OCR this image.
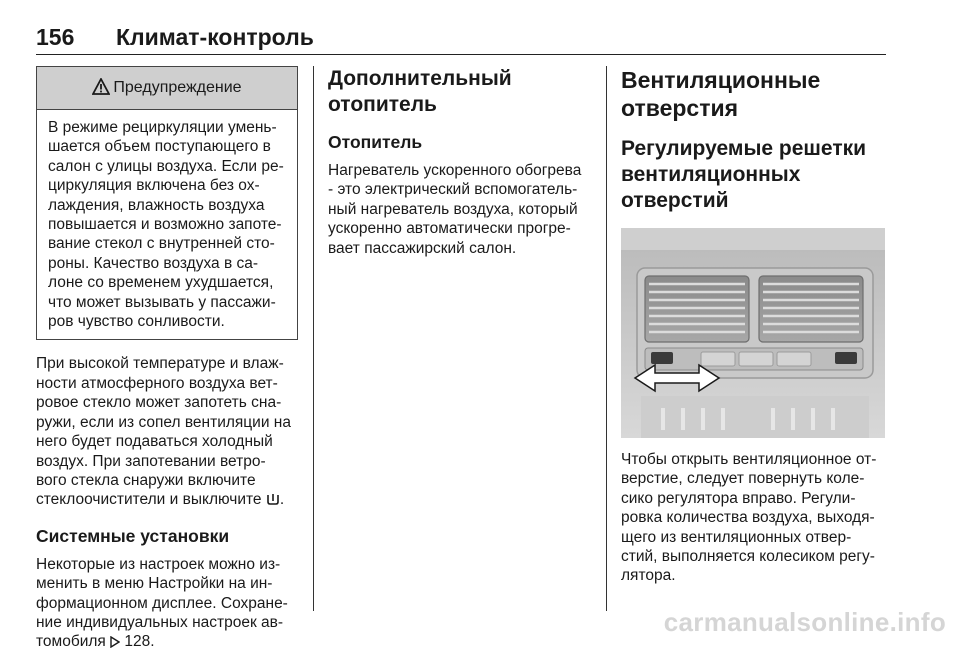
156 Климат-контроль
Предупреждение
В режиме рециркуляции умень-
шается объем поступающего в
салон с улицы воздуха. Если ре-
циркуляция включена без ох-
лаждения, влажность воздуха
повышается и возможно запоте-
вание стекол с внутренней сто-
роны. Качество воздуха в са-
лоне со временем ухудшается,
что может вызывать у пассажи-
ров чувство сонливости.

При высокой температуре и влаж-
ности атмосферного воздуха вет-
ровое стекло может запотеть сна-
ружи, если из сопел вентиляции на
него будет подаваться холодный
воздух. При запотевании ветро-
вого стекла снаружи включите
стеклоочистители и выключите .

Системные установки

Некоторые из настроек можно из-
менить в меню Настройки на ин-
формационном дисплее. Сохране-
ние индивидуальных настроек ав-
томобиля 128.

Дополнительный
отопитель
Отопитель

Нагреватель ускоренного обогрева
- это электрический вспомогатель-
ный нагреватель воздуха, который
ускоренно автоматически прогре-
вает пассажирский салон.

Вентиляционные
отверстия
Регулируемые решетки
вентиляционных
отверстий

Чтобы открыть вентиляционное от-
верстие, следует повернуть коле-
сико регулятора вправо. Регули-
ровка количества воздуха, выходя-
щего из вентиляционных отвер-
стий, выполняется колесиком регу-
лятора.

carmanualsonline.info
